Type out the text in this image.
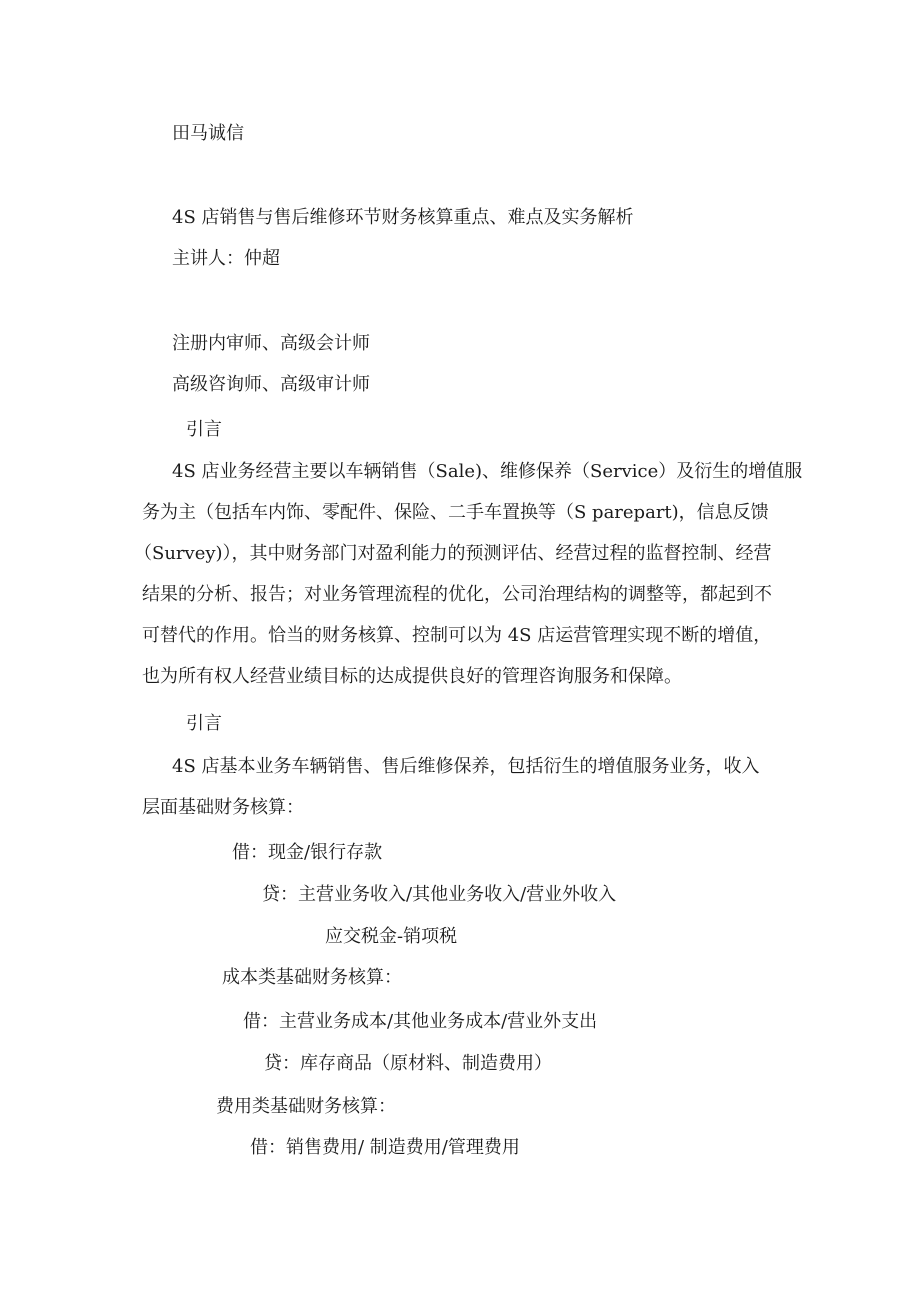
田马诚信
4S 店销售与售后维修环节财务核算重点、难点及实务解析
主讲人：仲超
注册内审师、高级会计师
高级咨询师、高级审计师
引言
4S 店业务经营主要以车辆销售（Sale)、维修保养（Service）及衍生的增值服
务为主（包括车内饰、零配件、保险、二手车置换等（S parepart)，信息反馈
（Survey)），其中财务部门对盈利能力的预测评估、经营过程的监督控制、经营
结果的分析、报告；对业务管理流程的优化，公司治理结构的调整等，都起到不
可替代的作用。恰当的财务核算、控制可以为 4S 店运营管理实现不断的增值，
也为所有权人经营业绩目标的达成提供良好的管理咨询服务和保障。
引言
4S 店基本业务车辆销售、售后维修保养，包括衍生的增值服务业务，收入
层面基础财务核算：
借：现金/银行存款
贷：主营业务收入/其他业务收入/营业外收入
应交税金-销项税
成本类基础财务核算：
借：主营业务成本/其他业务成本/营业外支出
贷：库存商品（原材料、制造费用）
费用类基础财务核算：
借：销售费用/ 制造费用/管理费用
